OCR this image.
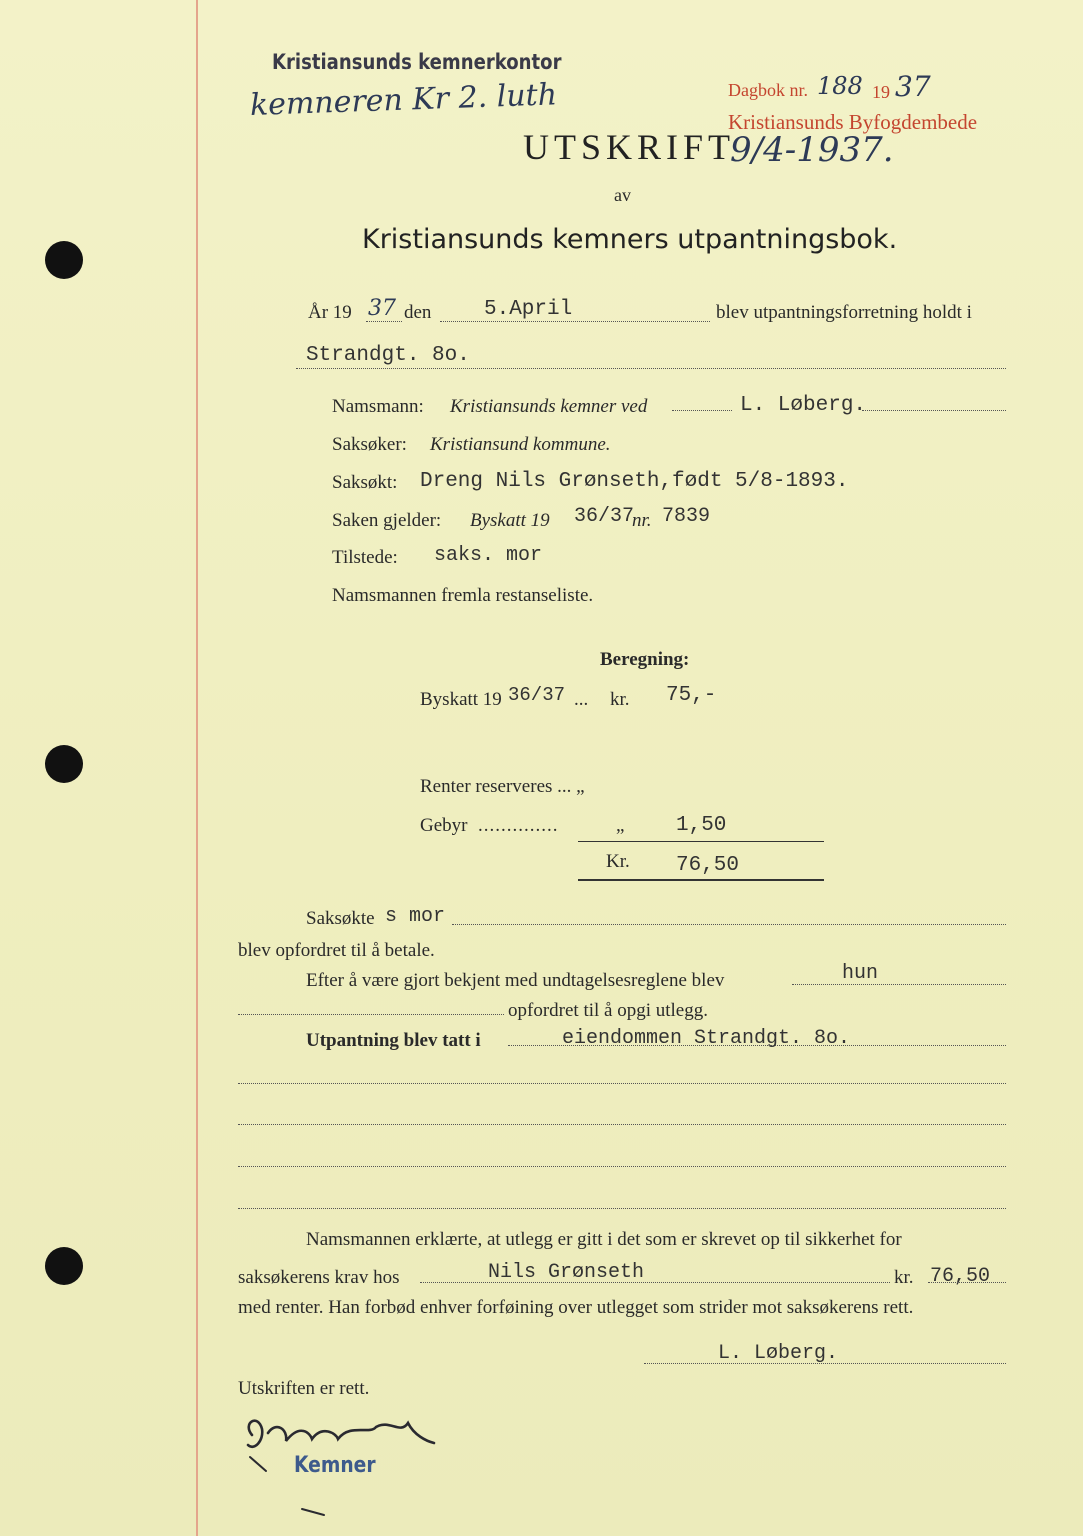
Kristiansunds kemnerkontor
kemneren Kr 2. luth	Dagbok nr. 188 19 37
Kristiansunds Byfogdembede
9/4-1937.
UTSKRIFT
av
Kristiansunds kemners utpantningsbok.
År 19 37 den	5.April	blev utpantningsforretning holdt i
Strandgt. 8o.
Namsmann: Kristiansunds kemner ved	L. Løberg.
Saksøker: Kristiansund kommune.
Saksøkt: Dreng Nils Grønseth,født 5/8-1893.
Saken gjelder: Byskatt 19 36/37
nr. 7839
Tilstede: saks. mor
Namsmannen fremla restanseliste.
Beregning:
Byskatt 19 36/37 ... kr. 75,-
Renter reserveres ... „
Gebyr ..............	„ 1,50
Kr. 76,50
Saksøkte s mor
blev opfordret til å betale.
Efter å være gjort bekjent med undtagelsesreglene blev	hun
opfordret til å opgi utlegg.
Utpantning blev tatt i	eiendommen Strandgt. 8o.
Namsmannen erklærte, at utlegg er gitt i det som er skrevet op til sikkerhet for
saksøkerens krav hos	Nils Grønseth	kr. 76,50
med renter. Han forbød enhver forføining over utlegget som strider mot saksøkerens rett.
L. Løberg.
Utskriften er rett.
Kemner
